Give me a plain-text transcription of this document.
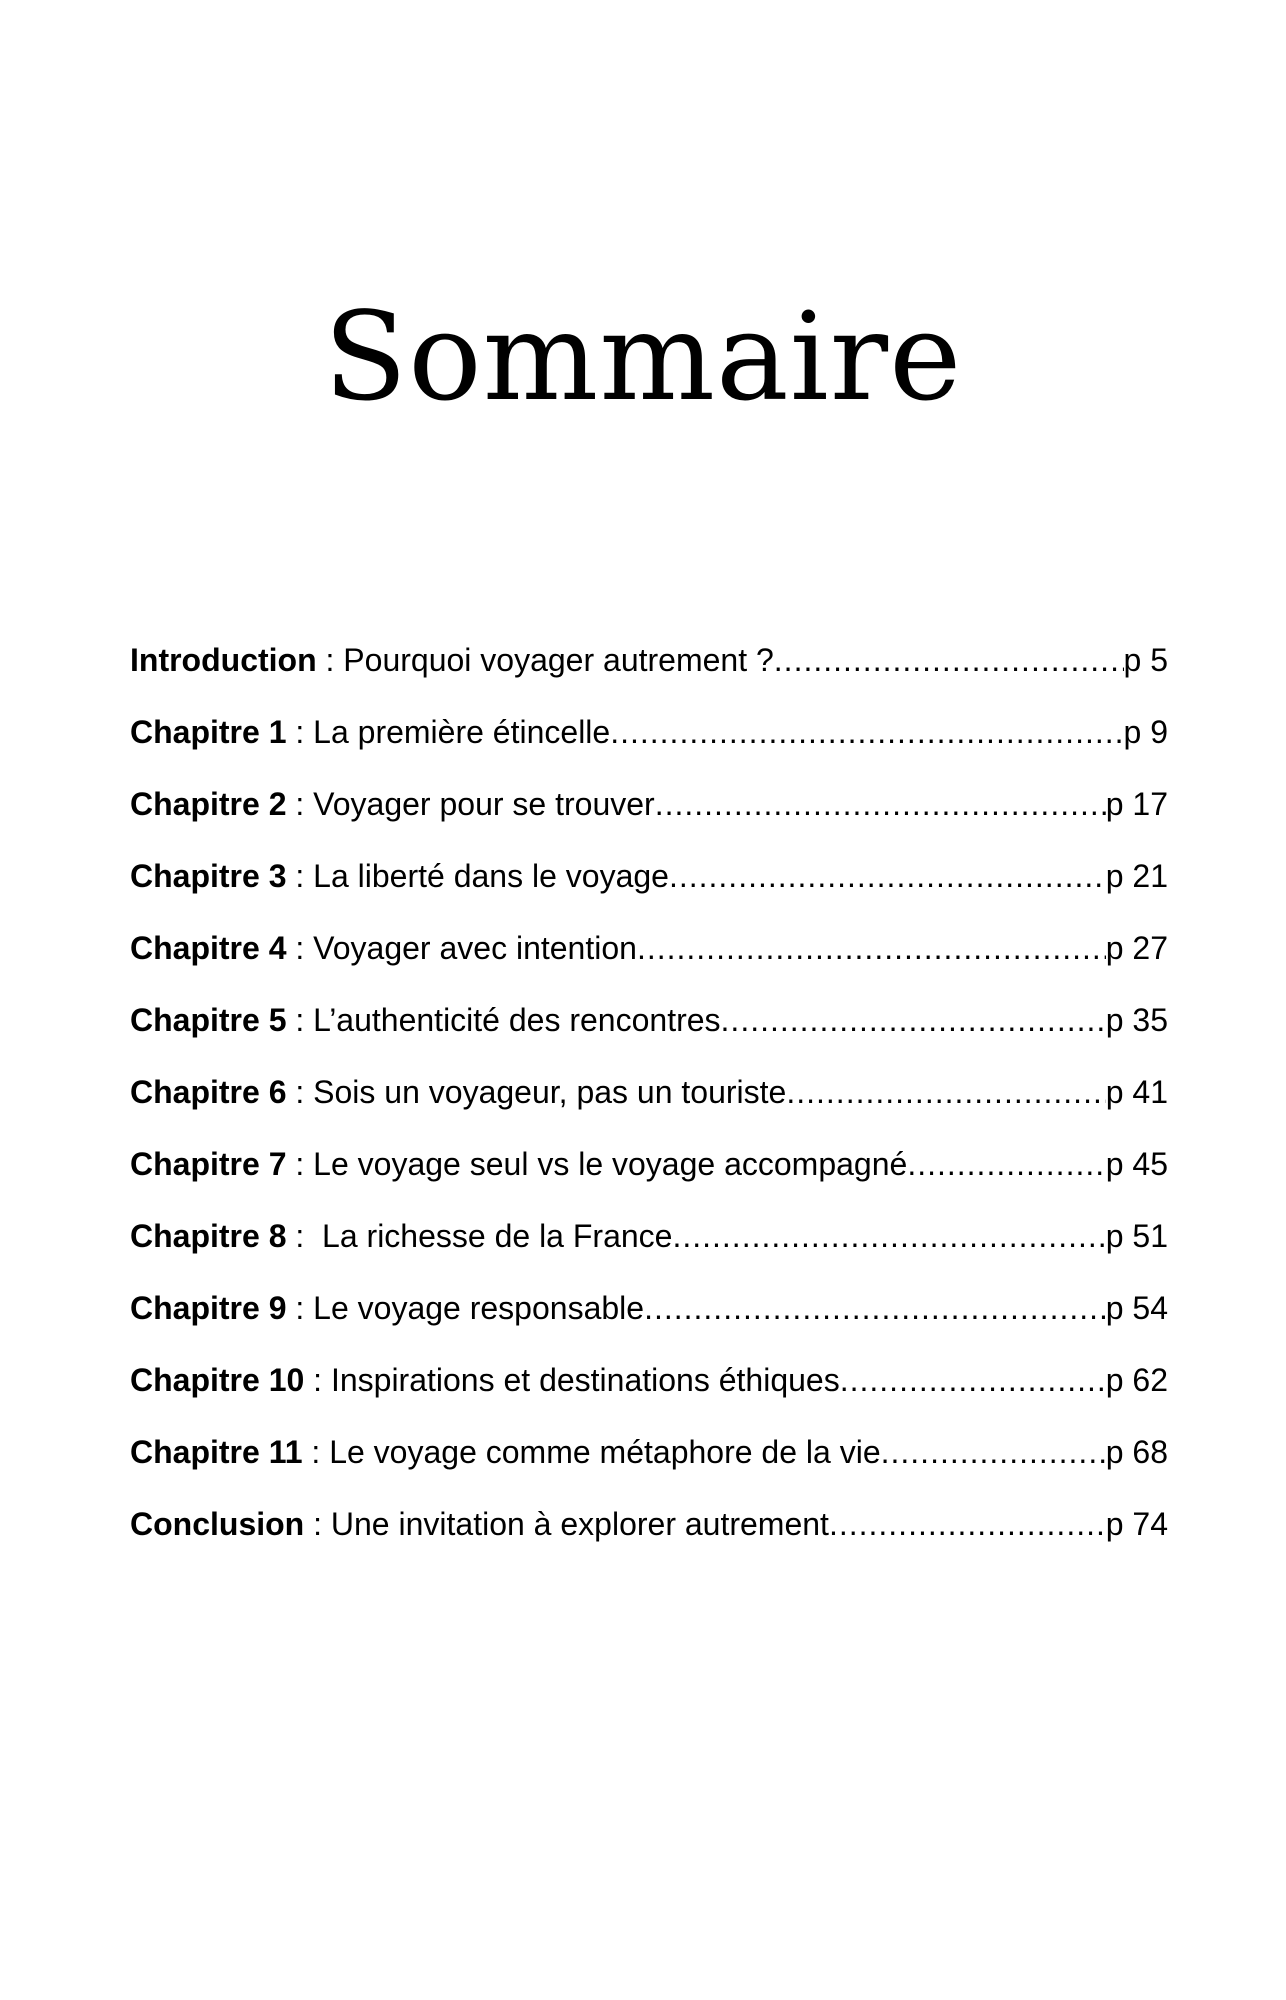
Sommaire
Introduction : Pourquoi voyager autrement ? .....	p 5
Chapitre 1 : La première étincelle .....	p 9
Chapitre 2 : Voyager pour se trouver .....	p 17
Chapitre 3 : La liberté dans le voyage .....	p 21
Chapitre 4 : Voyager avec intention .....	p 27
Chapitre 5 : L’authenticité des rencontres .....	p 35
Chapitre 6 : Sois un voyageur, pas un touriste .....	p 41
Chapitre 7 : Le voyage seul vs le voyage accompagné .....	p 45
Chapitre 8 : La richesse de la France .....	p 51
Chapitre 9 : Le voyage responsable .....	p 54
Chapitre 10 : Inspirations et destinations éthiques .....	p 62
Chapitre 11 : Le voyage comme métaphore de la vie .....	p 68
Conclusion : Une invitation à explorer autrement .....	p 74
